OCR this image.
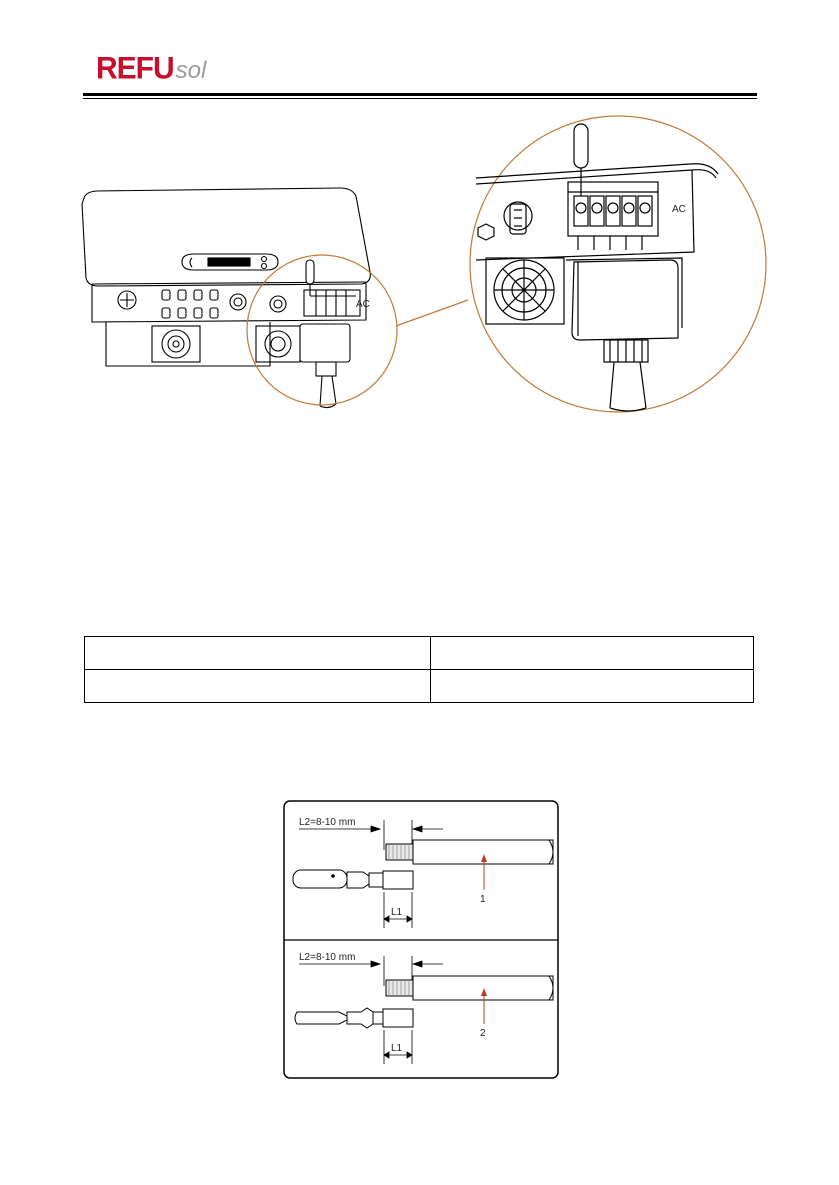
REFU sol
AC
AC

L2=8-10 mm
L1
1
L2=8-10 mm
L1
2
